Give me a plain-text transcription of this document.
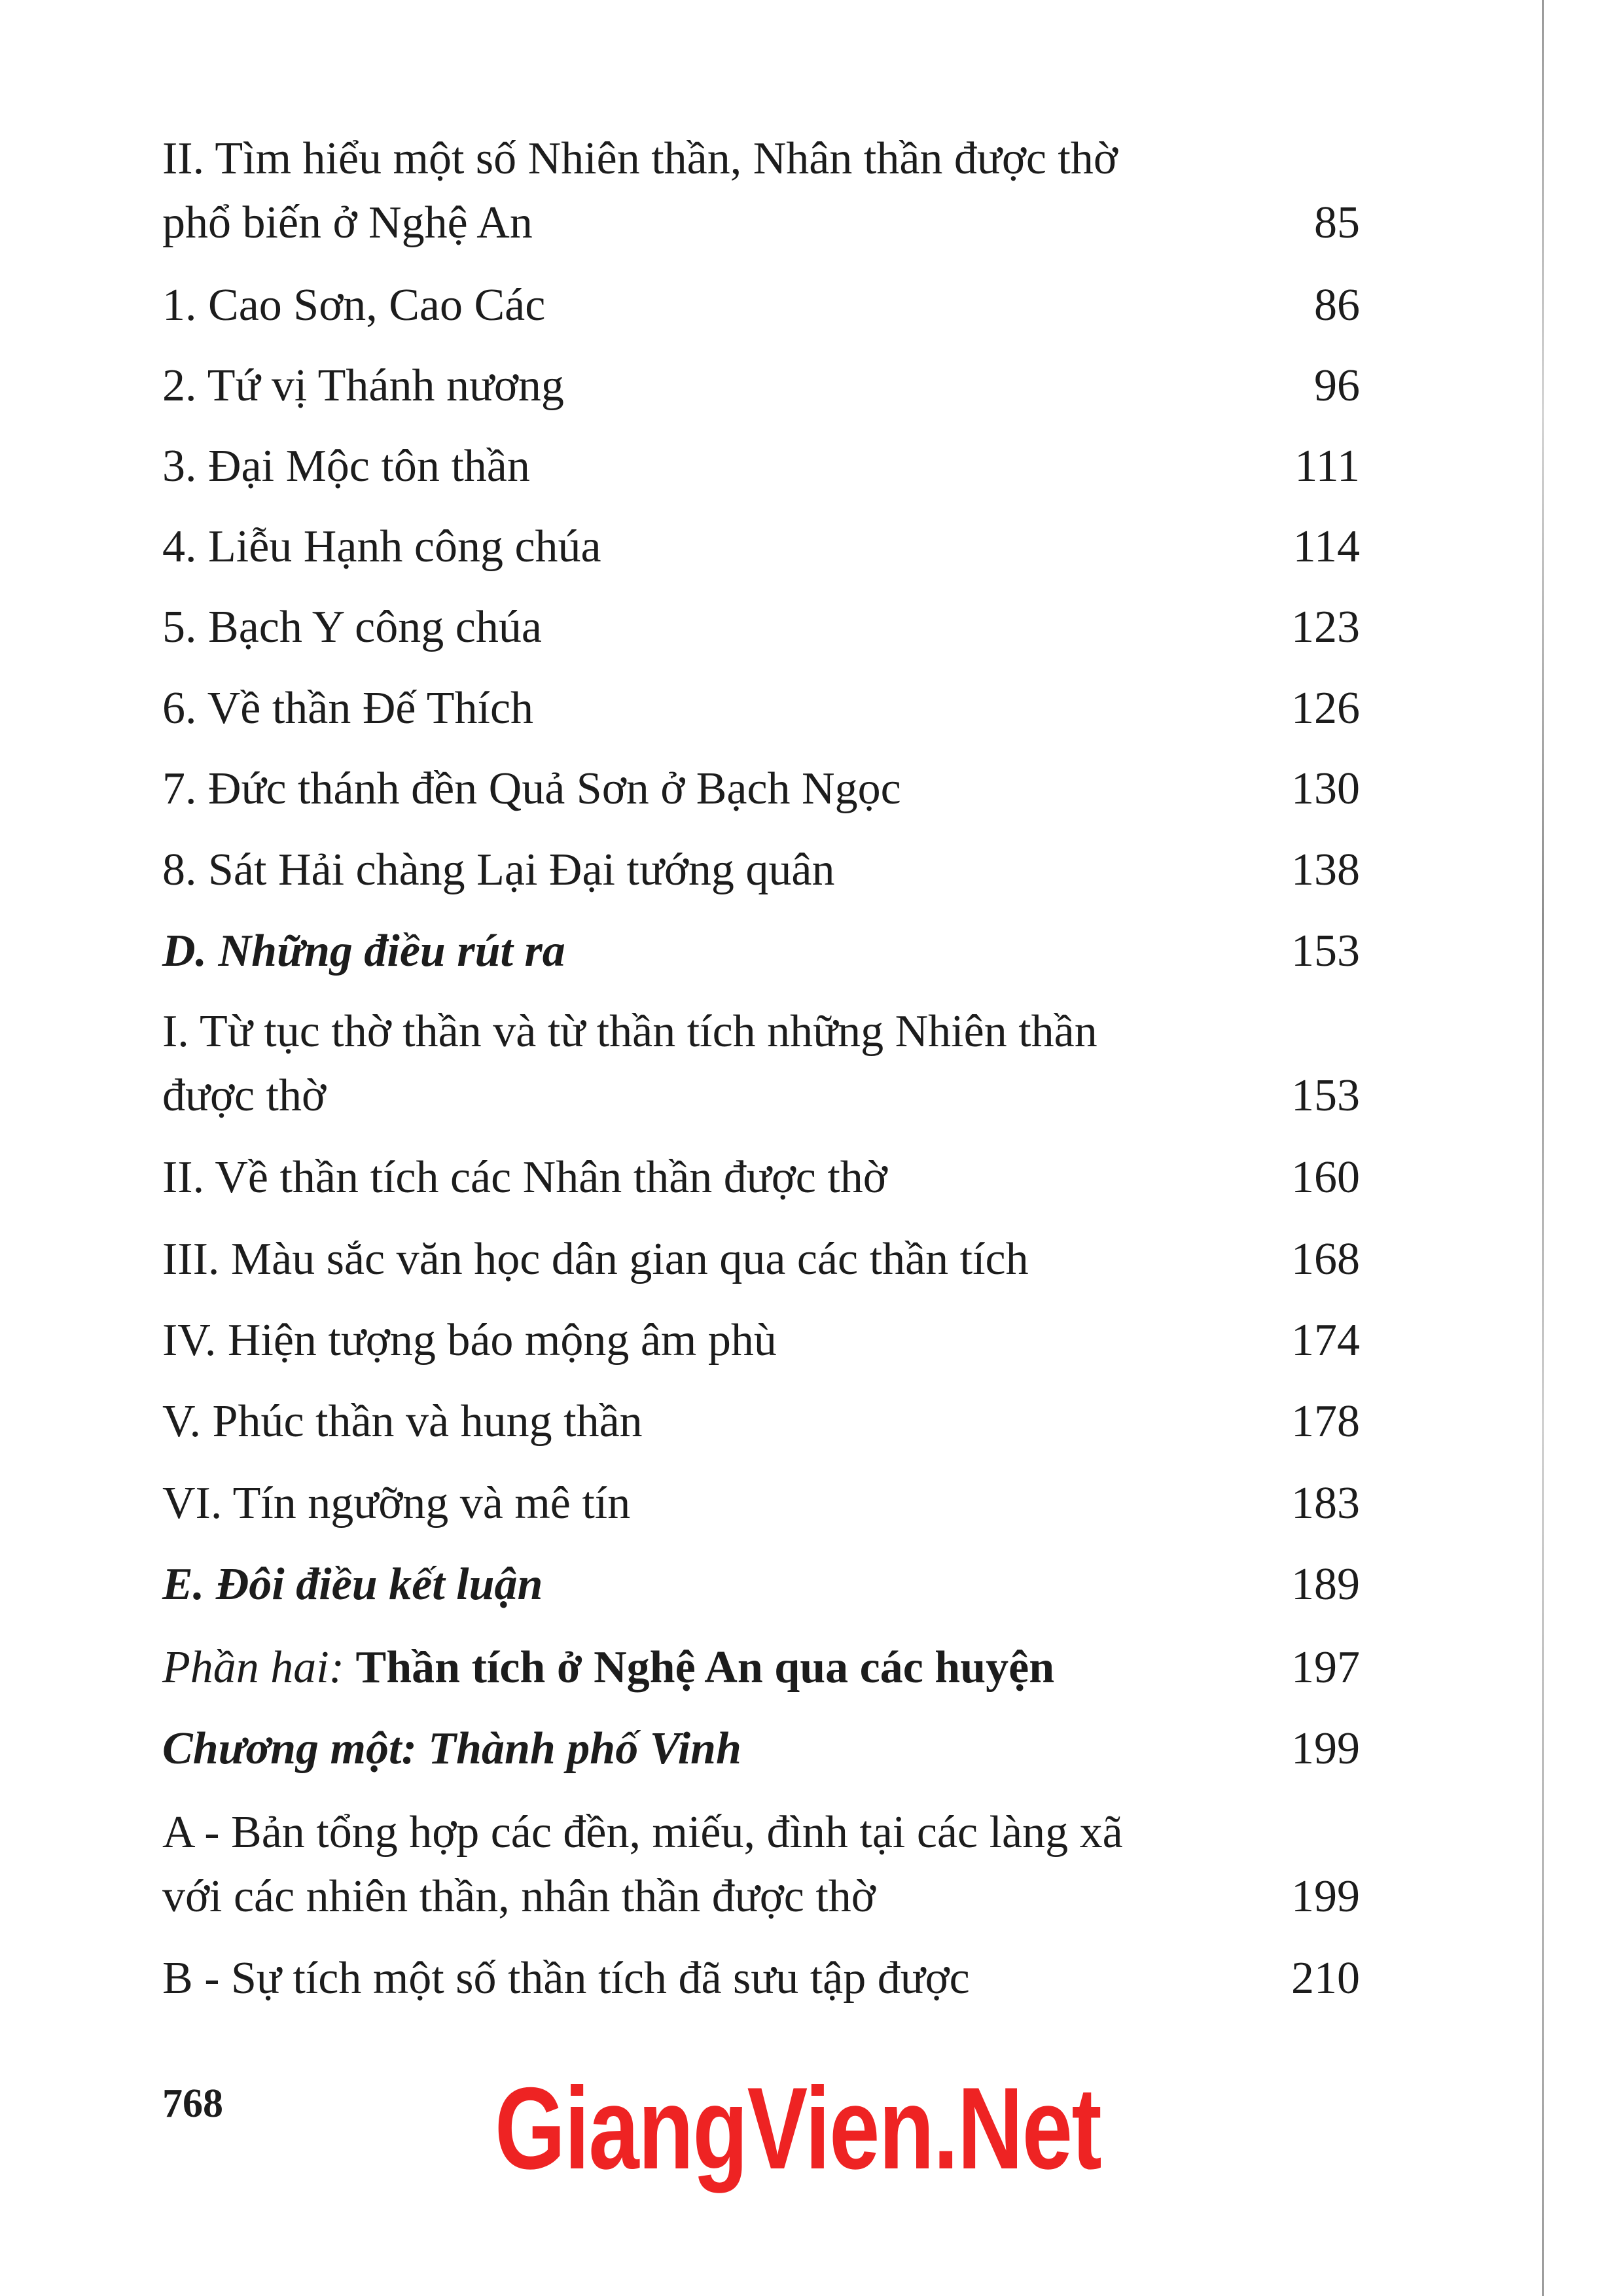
II. Tìm hiểu một số Nhiên thần, Nhân thần được thờ
phổ biến ở Nghệ An	85
1. Cao Sơn, Cao Các	86
2. Tứ vị Thánh nương	96
3. Đại Mộc tôn thần	111
4. Liễu Hạnh công chúa	114
5. Bạch Y công chúa	123
6. Về thần Đế Thích	126
7. Đức thánh đền Quả Sơn ở Bạch Ngọc	130
8. Sát Hải chàng Lại Đại tướng quân	138
D. Những điều rút ra	153
I. Từ tục thờ thần và từ thần tích những Nhiên thần
được thờ	153
II. Về thần tích các Nhân thần được thờ	160
III. Màu sắc văn học dân gian qua các thần tích	168
IV. Hiện tượng báo mộng âm phù	174
V. Phúc thần và hung thần	178
VI. Tín ngưỡng và mê tín	183
E. Đôi điều kết luận	189
Phần hai: Thần tích ở Nghệ An qua các huyện	197
Chương một: Thành phố Vinh	199
A - Bản tổng hợp các đền, miếu, đình tại các làng xã
với các nhiên thần, nhân thần được thờ	199
B - Sự tích một số thần tích đã sưu tập được	210
768 GiangVien.Net
